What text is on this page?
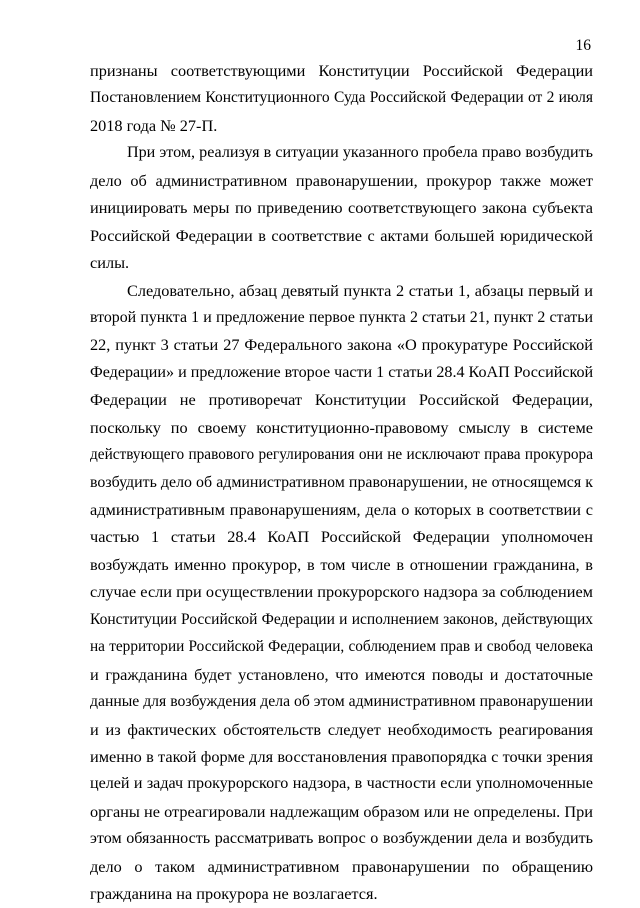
16
признаны соответствующими Конституции Российской Федерации
Постановлением Конституционного Суда Российской Федерации от 2 июля
2018 года № 27-П.
При этом, реализуя в ситуации указанного пробела право возбудить
дело об административном правонарушении, прокурор также может
инициировать меры по приведению соответствующего закона субъекта
Российской Федерации в соответствие с актами большей юридической
силы.
Следовательно, абзац девятый пункта 2 статьи 1, абзацы первый и
второй пункта 1 и предложение первое пункта 2 статьи 21, пункт 2 статьи
22, пункт 3 статьи 27 Федерального закона «О прокуратуре Российской
Федерации» и предложение второе части 1 статьи 28.4 КоАП Российской
Федерации не противоречат Конституции Российской Федерации,
поскольку по своему конституционно-правовому смыслу в системе
действующего правового регулирования они не исключают права прокурора
возбудить дело об административном правонарушении, не относящемся к
административным правонарушениям, дела о которых в соответствии с
частью 1 статьи 28.4 КоАП Российской Федерации уполномочен
возбуждать именно прокурор, в том числе в отношении гражданина, в
случае если при осуществлении прокурорского надзора за соблюдением
Конституции Российской Федерации и исполнением законов, действующих
на территории Российской Федерации, соблюдением прав и свобод человека
и гражданина будет установлено, что имеются поводы и достаточные
данные для возбуждения дела об этом административном правонарушении
и из фактических обстоятельств следует необходимость реагирования
именно в такой форме для восстановления правопорядка с точки зрения
целей и задач прокурорского надзора, в частности если уполномоченные
органы не отреагировали надлежащим образом или не определены. При
этом обязанность рассматривать вопрос о возбуждении дела и возбудить
дело о таком административном правонарушении по обращению
гражданина на прокурора не возлагается.
